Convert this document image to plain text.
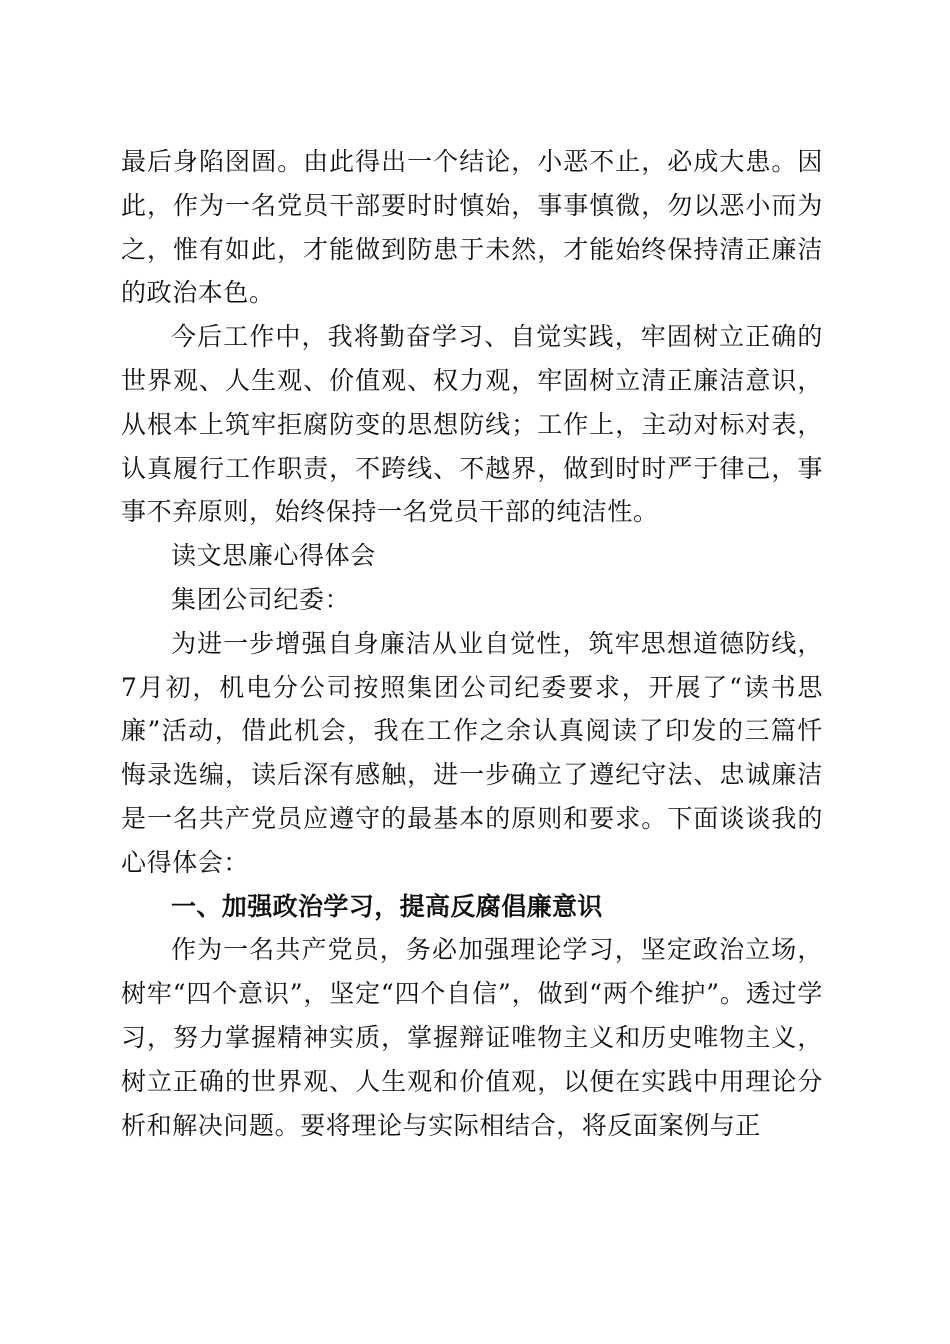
最后身陷囹圄。由此得出一个结论，小恶不止，必成大患。因此，作为一名党员干部要时时慎始，事事慎微，勿以恶小而为之，惟有如此，才能做到防患于未然，才能始终保持清正廉洁的政治本色。

今后工作中，我将勤奋学习、自觉实践，牢固树立正确的世界观、人生观、价值观、权力观，牢固树立清正廉洁意识，从根本上筑牢拒腐防变的思想防线；工作上，主动对标对表，认真履行工作职责，不跨线、不越界，做到时时严于律己，事事不弃原则，始终保持一名党员干部的纯洁性。

读文思廉心得体会

集团公司纪委：

为进一步增强自身廉洁从业自觉性，筑牢思想道德防线，7月初，机电分公司按照集团公司纪委要求，开展了“读书思廉”活动，借此机会，我在工作之余认真阅读了印发的三篇忏悔录选编，读后深有感触，进一步确立了遵纪守法、忠诚廉洁是一名共产党员应遵守的最基本的原则和要求。下面谈谈我的心得体会：

一、加强政治学习，提高反腐倡廉意识

作为一名共产党员，务必加强理论学习，坚定政治立场，树牢“四个意识”，坚定“四个自信”，做到“两个维护”。透过学习，努力掌握精神实质，掌握辩证唯物主义和历史唯物主义，树立正确的世界观、人生观和价值观，以便在实践中用理论分析和解决问题。要将理论与实际相结合，将反面案例与正
